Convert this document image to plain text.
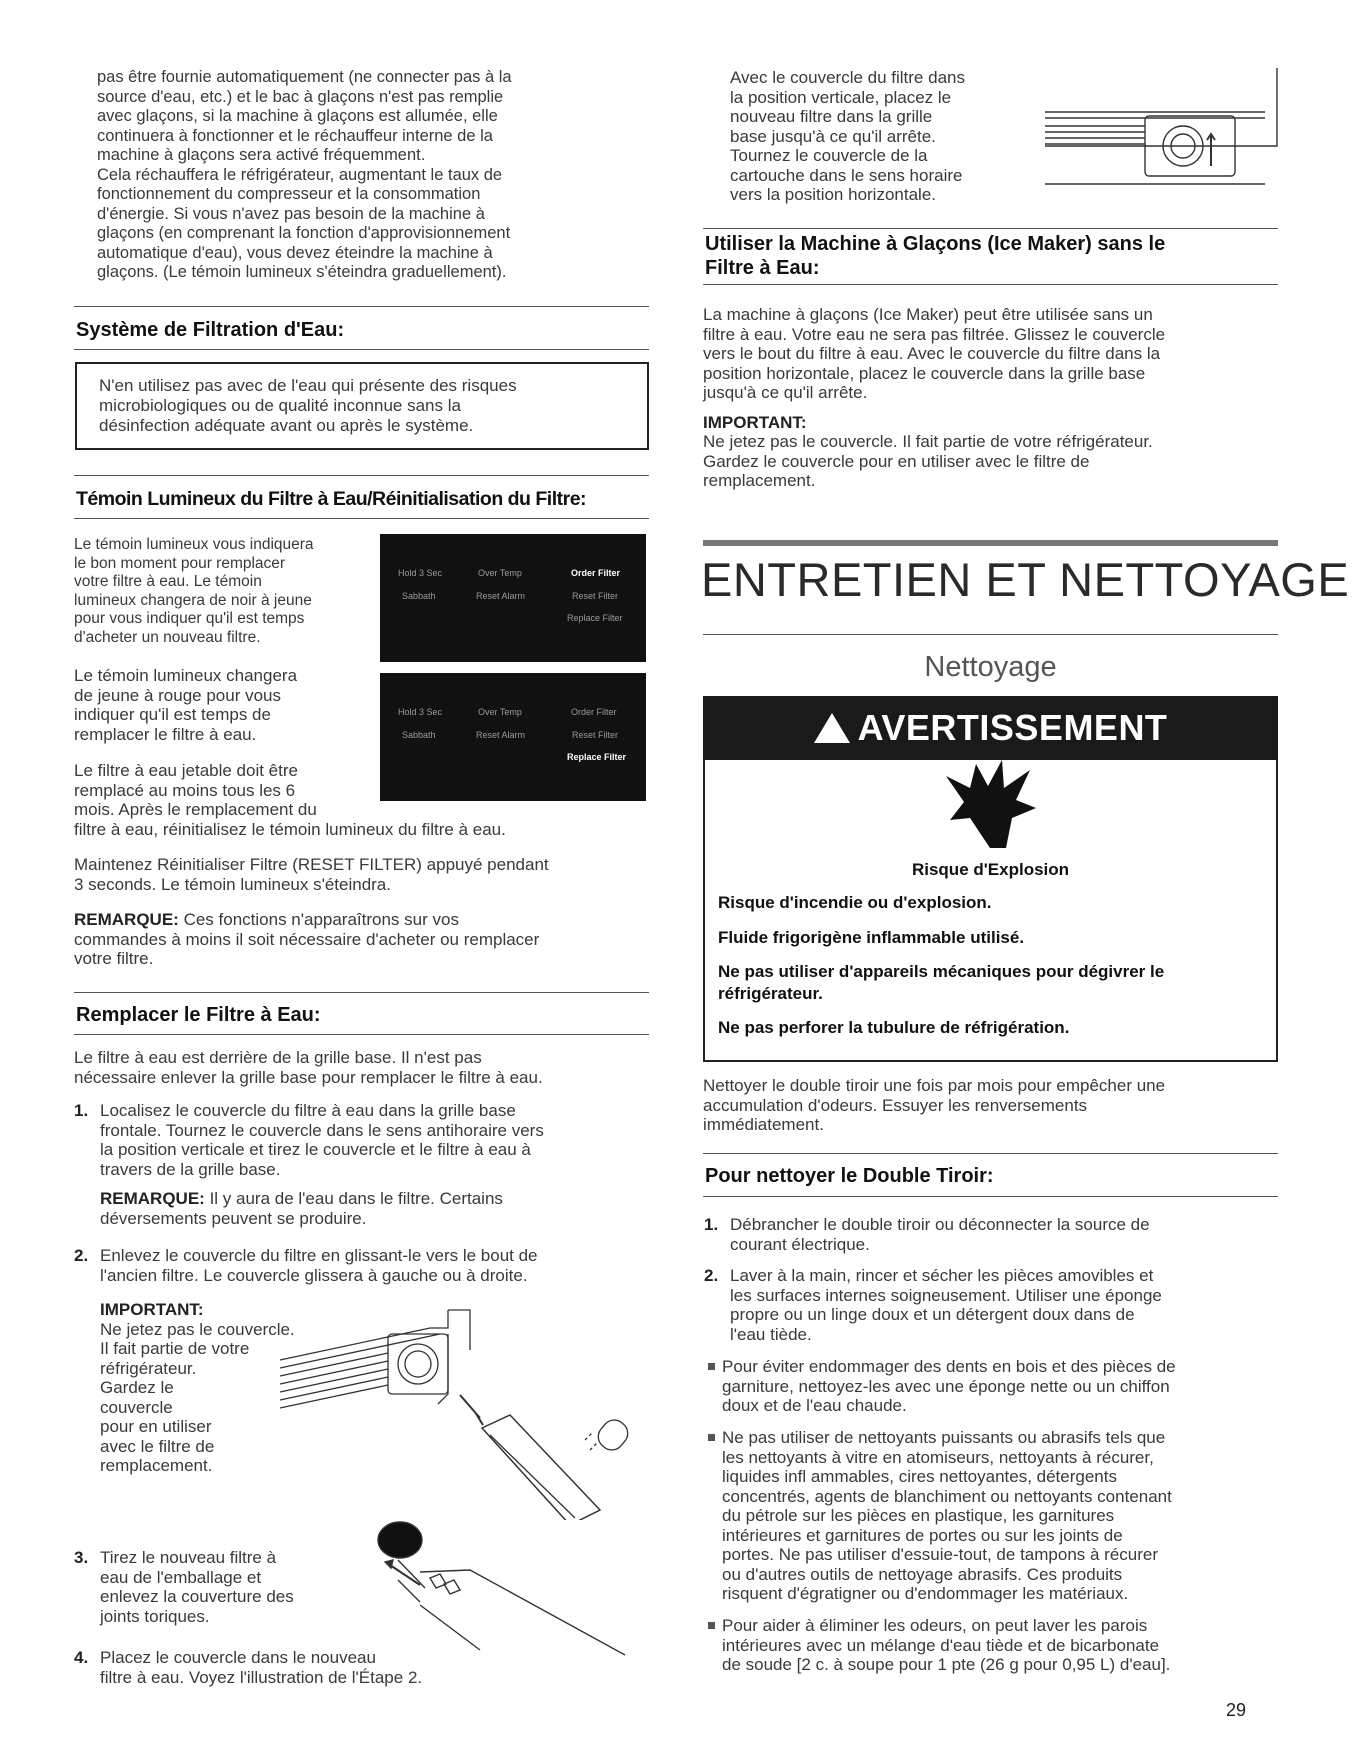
pas être fournie automatiquement (ne connecter pas à la

source d'eau, etc.) et le bac à glaçons n'est pas remplie

avec glaçons, si la machine à glaçons est allumée, elle

continuera à fonctionner et le réchauffeur interne de la

machine à glaçons sera activé fréquemment.

Cela réchauffera le réfrigérateur, augmentant le taux de

fonctionnement du compresseur et la consommation

d'énergie. Si vous n'avez pas besoin de la machine à

glaçons (en comprenant la fonction d'approvisionnement

automatique d'eau), vous devez éteindre la machine à

glaçons. (Le témoin lumineux s'éteindra graduellement).

Système de Filtration d'Eau:

N'en utilisez pas avec de l'eau qui présente des risques

microbiologiques ou de qualité inconnue sans la

désinfection adéquate avant ou après le système.

Témoin Lumineux du Filtre à Eau/Réinitialisation du Filtre:

Le témoin lumineux vous indiquera

le bon moment pour remplacer

votre filtre à eau. Le témoin

lumineux changera de noir à jeune

pour vous indiquer qu'il est temps

d'acheter un nouveau filtre.

Hold 3 Sec	Over Temp	Order Filter
Sabbath	Reset Alarm	Reset Filter
Replace Filter

Le témoin lumineux changera

de jeune à rouge pour vous

indiquer qu'il est temps de

remplacer le filtre à eau.

Hold 3 Sec	Over Temp	Order Filter
Sabbath	Reset Alarm	Reset Filter
Replace Filter

Le filtre à eau jetable doit être

remplacé au moins tous les 6

mois. Après le remplacement du

filtre à eau, réinitialisez le témoin lumineux du filtre à eau.

Maintenez Réinitialiser Filtre (RESET FILTER) appuyé pendant

3 seconds. Le témoin lumineux s'éteindra.

REMARQUE: Ces fonctions n'apparaîtrons sur vos

commandes à moins il soit nécessaire d'acheter ou remplacer

votre filtre.

Remplacer le Filtre à Eau:

Le filtre à eau est derrière de la grille base. Il n'est pas

nécessaire enlever la grille base pour remplacer le filtre à eau.

1. Localisez le couvercle du filtre à eau dans la grille base

frontale. Tournez le couvercle dans le sens antihoraire vers

la position verticale et tirez le couvercle et le filtre à eau à

travers de la grille base.

REMARQUE: Il y aura de l'eau dans le filtre. Certains

déversements peuvent se produire.

2. Enlevez le couvercle du filtre en glissant-le vers le bout de

l'ancien filtre. Le couvercle glissera à gauche ou à droite.

IMPORTANT:

Ne jetez pas le couvercle.

Il fait partie de votre

réfrigérateur.

Gardez le

couvercle

pour en utiliser

avec le filtre de

remplacement.

3. Tirez le nouveau filtre à

eau de l'emballage et

enlevez la couverture des

joints toriques.

4. Placez le couvercle dans le nouveau

filtre à eau. Voyez l'illustration de l'Étape 2.

Avec le couvercle du filtre dans

la position verticale, placez le

nouveau filtre dans la grille

base jusqu'à ce qu'il arrête.

Tournez le couvercle de la

cartouche dans le sens horaire

vers la position horizontale.

Utiliser la Machine à Glaçons (Ice Maker) sans le
Filtre à Eau:

La machine à glaçons (Ice Maker) peut être utilisée sans un

filtre à eau. Votre eau ne sera pas filtrée. Glissez le couvercle

vers le bout du filtre à eau. Avec le couvercle du filtre dans la

position horizontale, placez le couvercle dans la grille base

jusqu'à ce qu'il arrête.

IMPORTANT:

Ne jetez pas le couvercle. Il fait partie de votre réfrigérateur.

Gardez le couvercle pour en utiliser avec le filtre de

remplacement.

ENTRETIEN ET NETTOYAGE
Nettoyage
AVERTISSEMENT
Risque d'Explosion
Risque d'incendie ou d'explosion.
Fluide frigorigène inflammable utilisé.
Ne pas utiliser d'appareils mécaniques pour dégivrer le
réfrigérateur.
Ne pas perforer la tubulure de réfrigération.

Nettoyer le double tiroir une fois par mois pour empêcher une

accumulation d'odeurs. Essuyer les renversements

immédiatement.

Pour nettoyer le Double Tiroir:
1. Débrancher le double tiroir ou déconnecter la source de

courant électrique.

2. Laver à la main, rincer et sécher les pièces amovibles et

les surfaces internes soigneusement. Utiliser une éponge

propre ou un linge doux et un détergent doux dans de

l'eau tiède.

Pour éviter endommager des dents en bois et des pièces de

garniture, nettoyez-les avec une éponge nette ou un chiffon

doux et de l'eau chaude.

Ne pas utiliser de nettoyants puissants ou abrasifs tels que

les nettoyants à vitre en atomiseurs, nettoyants à récurer,

liquides infl ammables, cires nettoyantes, détergents

concentrés, agents de blanchiment ou nettoyants contenant

du pétrole sur les pièces en plastique, les garnitures

intérieures et garnitures de portes ou sur les joints de

portes. Ne pas utiliser d'essuie-tout, de tampons à récurer

ou d'autres outils de nettoyage abrasifs. Ces produits

risquent d'égratigner ou d'endommager les matériaux.

Pour aider à éliminer les odeurs, on peut laver les parois

intérieures avec un mélange d'eau tiède et de bicarbonate

de soude [2 c. à soupe pour 1 pte (26 g pour 0,95 L) d'eau].

29
